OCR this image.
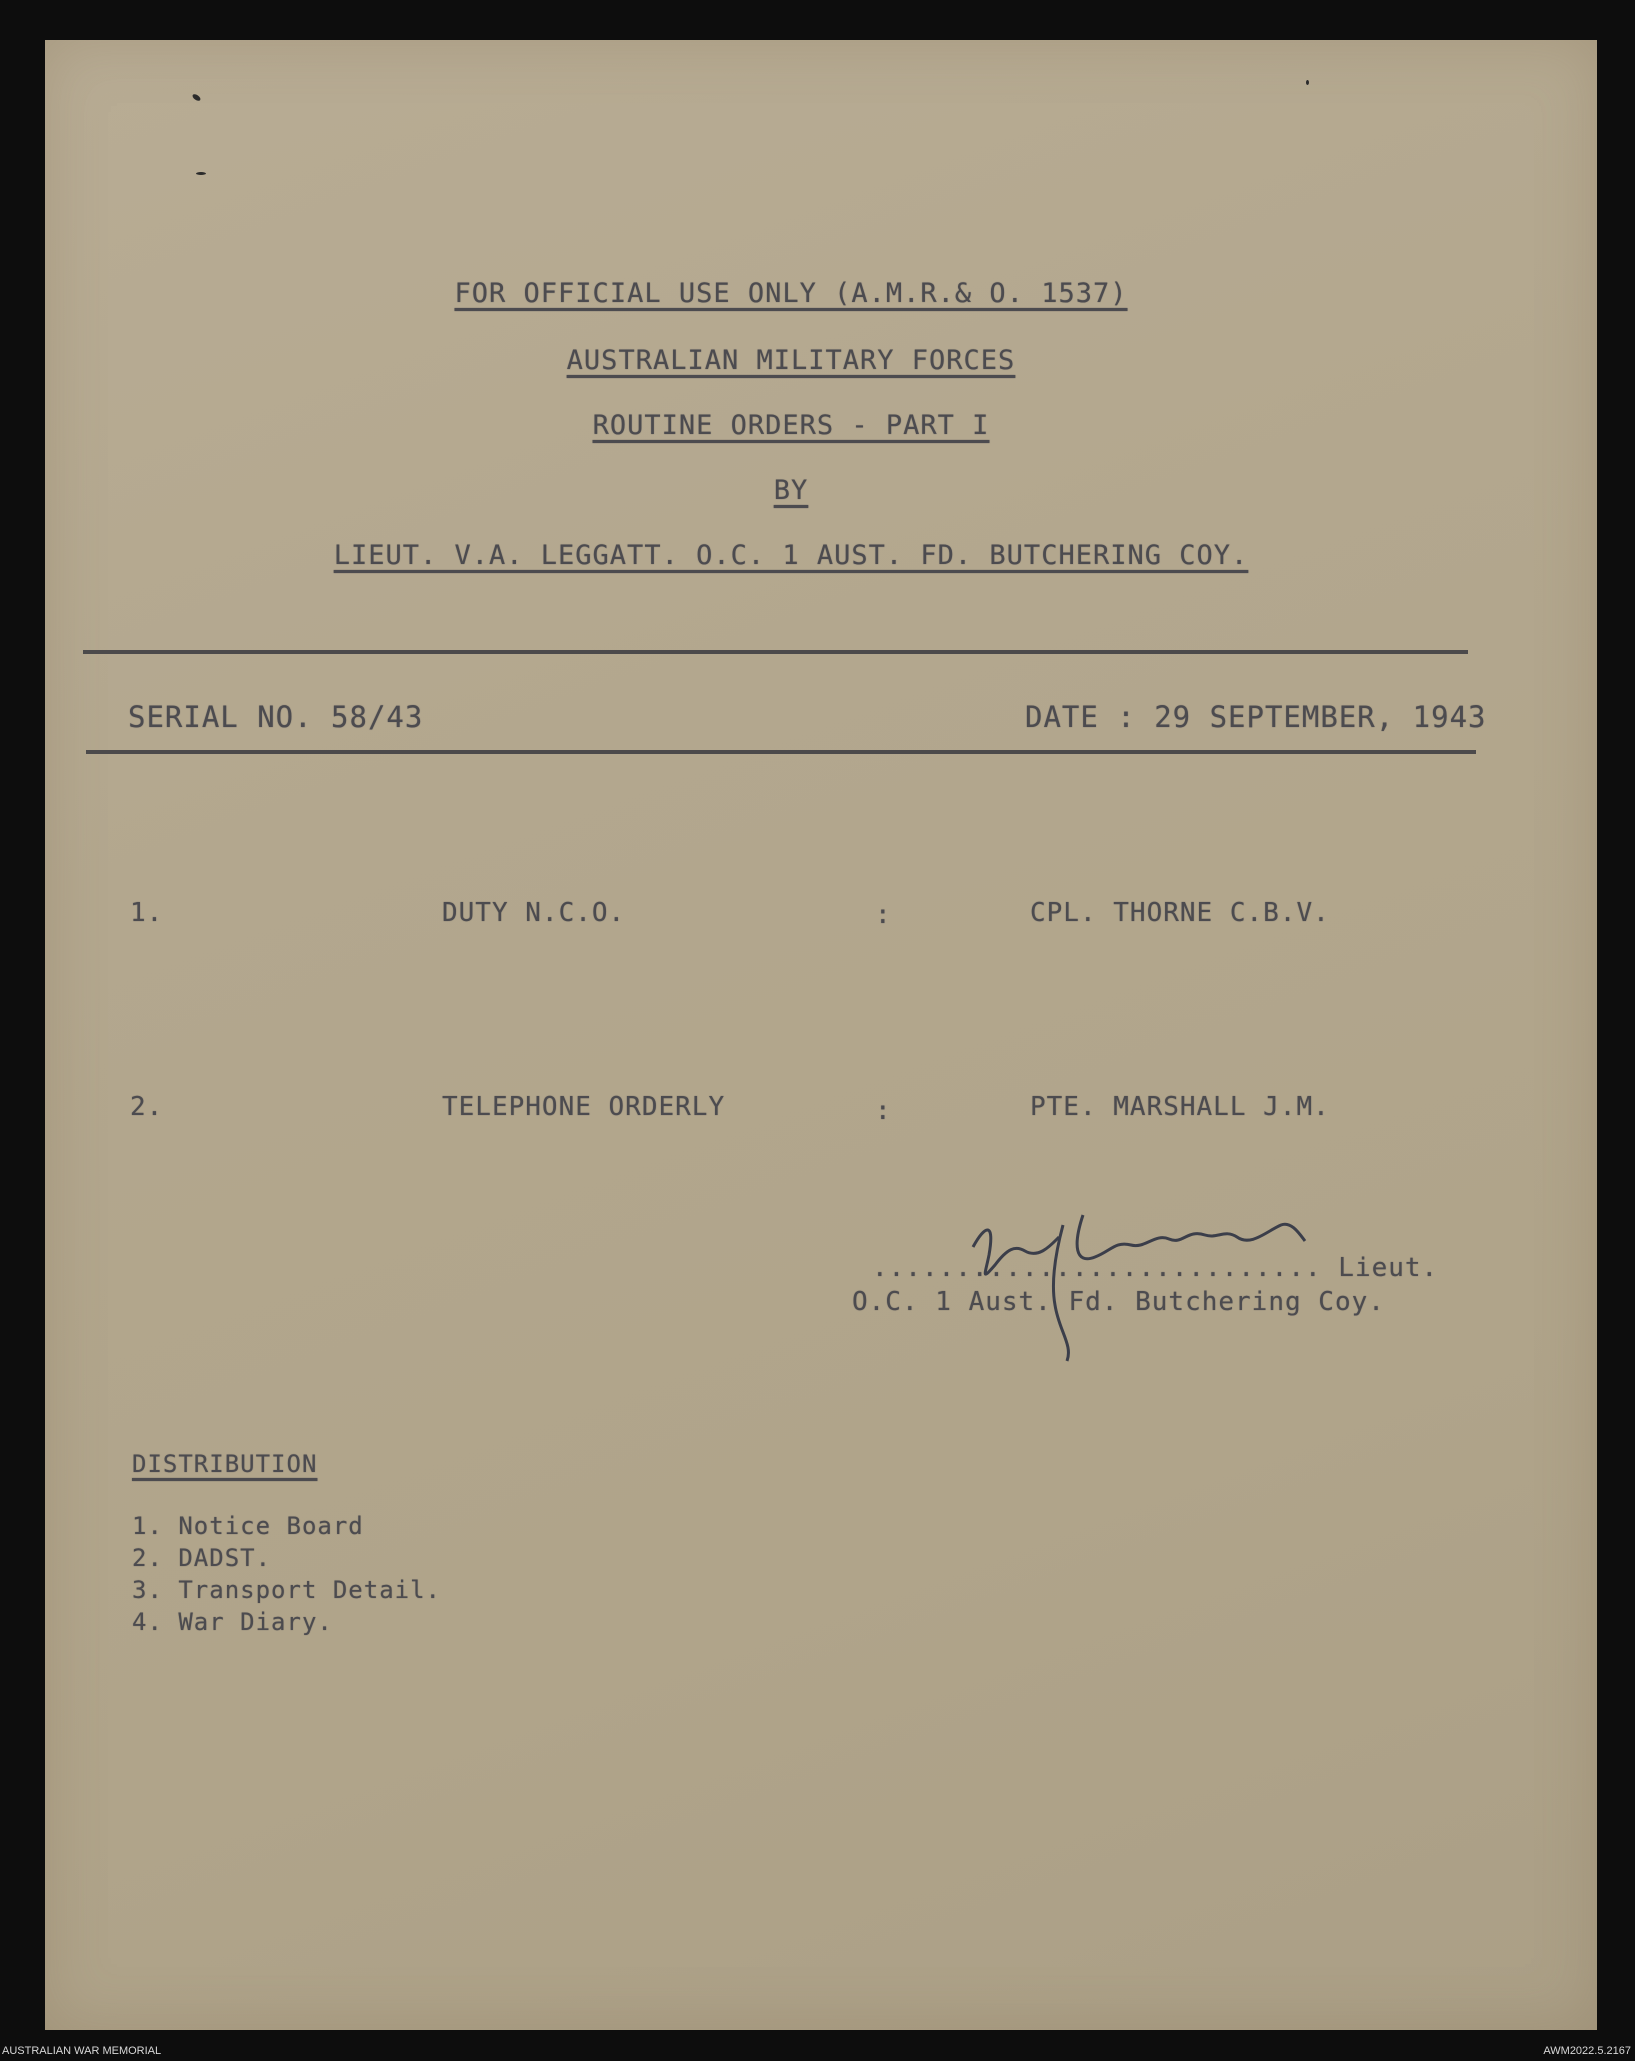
FOR OFFICIAL USE ONLY (A.M.R.& O. 1537)
AUSTRALIAN MILITARY FORCES
ROUTINE ORDERS - PART I
BY
LIEUT. V.A. LEGGATT. O.C. 1 AUST. FD. BUTCHERING COY.
SERIAL NO. 58/43	DATE : 29 SEPTEMBER, 1943
1.	DUTY N.C.O.	:	CPL. THORNE C.B.V.
2.	TELEPHONE ORDERLY	:	PTE. MARSHALL J.M.
........................... Lieut.
O.C. 1 Aust. Fd. Butchering Coy.
DISTRIBUTION
1. Notice Board
2. DADST.
3. Transport Detail.
4. War Diary.
AUSTRALIAN WAR MEMORIAL	AWM2022.5.2167
